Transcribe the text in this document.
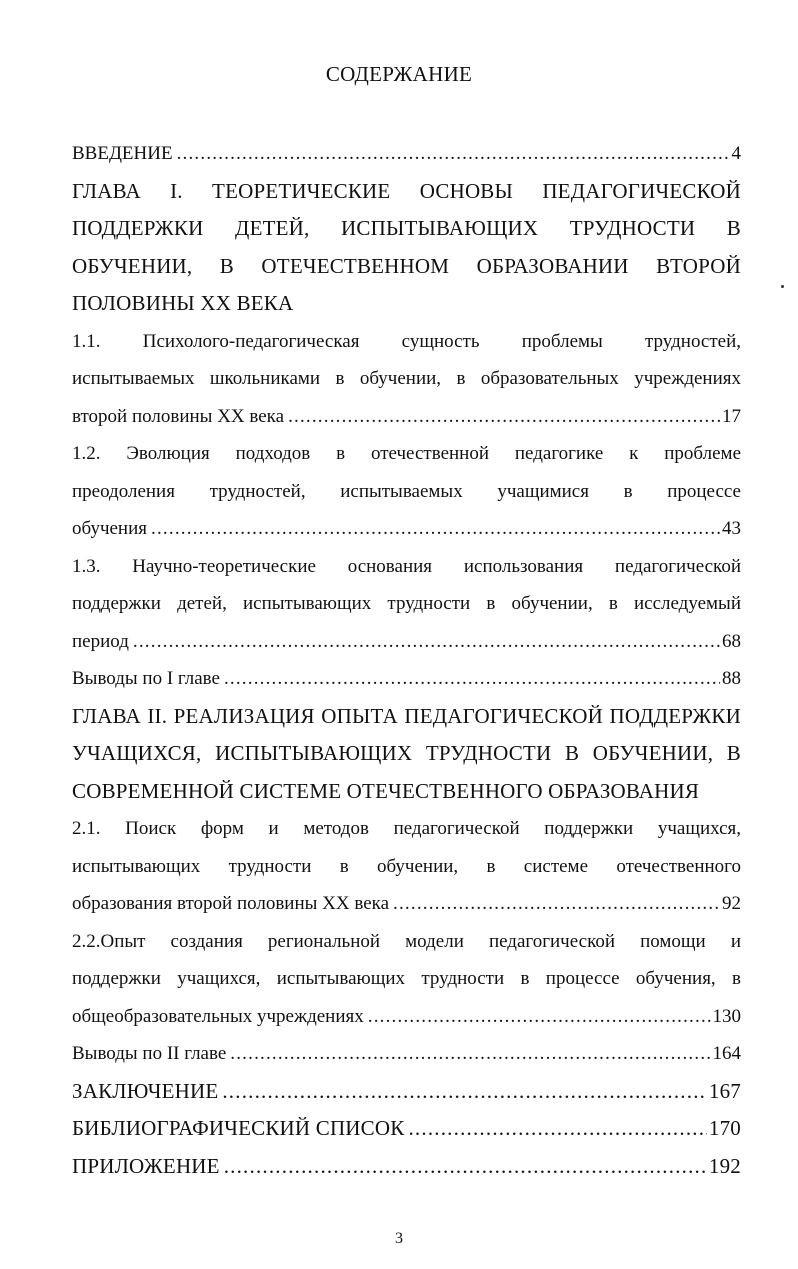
СОДЕРЖАНИЕ
ВВЕДЕНИЕ .....	4
ГЛАВА I. ТЕОРЕТИЧЕСКИЕ ОСНОВЫ ПЕДАГОГИЧЕСКОЙ
ПОДДЕРЖКИ ДЕТЕЙ, ИСПЫТЫВАЮЩИХ ТРУДНОСТИ В
ОБУЧЕНИИ, В ОТЕЧЕСТВЕННОМ ОБРАЗОВАНИИ ВТОРОЙ
ПОЛОВИНЫ XX ВЕКА
1.1. Психолого-педагогическая сущность проблемы трудностей,
испытываемых школьниками в обучении, в образовательных учреждениях
второй половины XX века .....	17
1.2. Эволюция подходов в отечественной педагогике к проблеме
преодоления трудностей, испытываемых учащимися в процессе
обучения .....	43
1.3. Научно-теоретические основания использования педагогической
поддержки детей, испытывающих трудности в обучении, в исследуемый
период .....	68
Выводы по I главе .....	88
ГЛАВА II. РЕАЛИЗАЦИЯ ОПЫТА ПЕДАГОГИЧЕСКОЙ ПОДДЕРЖКИ
УЧАЩИХСЯ, ИСПЫТЫВАЮЩИХ ТРУДНОСТИ В ОБУЧЕНИИ, В
СОВРЕМЕННОЙ СИСТЕМЕ ОТЕЧЕСТВЕННОГО ОБРАЗОВАНИЯ
2.1. Поиск форм и методов педагогической поддержки учащихся,
испытывающих трудности в обучении, в системе отечественного
образования второй половины XX века .....	92
2.2.Опыт создания региональной модели педагогической помощи и
поддержки учащихся, испытывающих трудности в процессе обучения, в
общеобразовательных учреждениях .....	130
Выводы по II главе .....	164
ЗАКЛЮЧЕНИЕ .....	167
БИБЛИОГРАФИЧЕСКИЙ СПИСОК .....	170
ПРИЛОЖЕНИЕ .....	192
3
